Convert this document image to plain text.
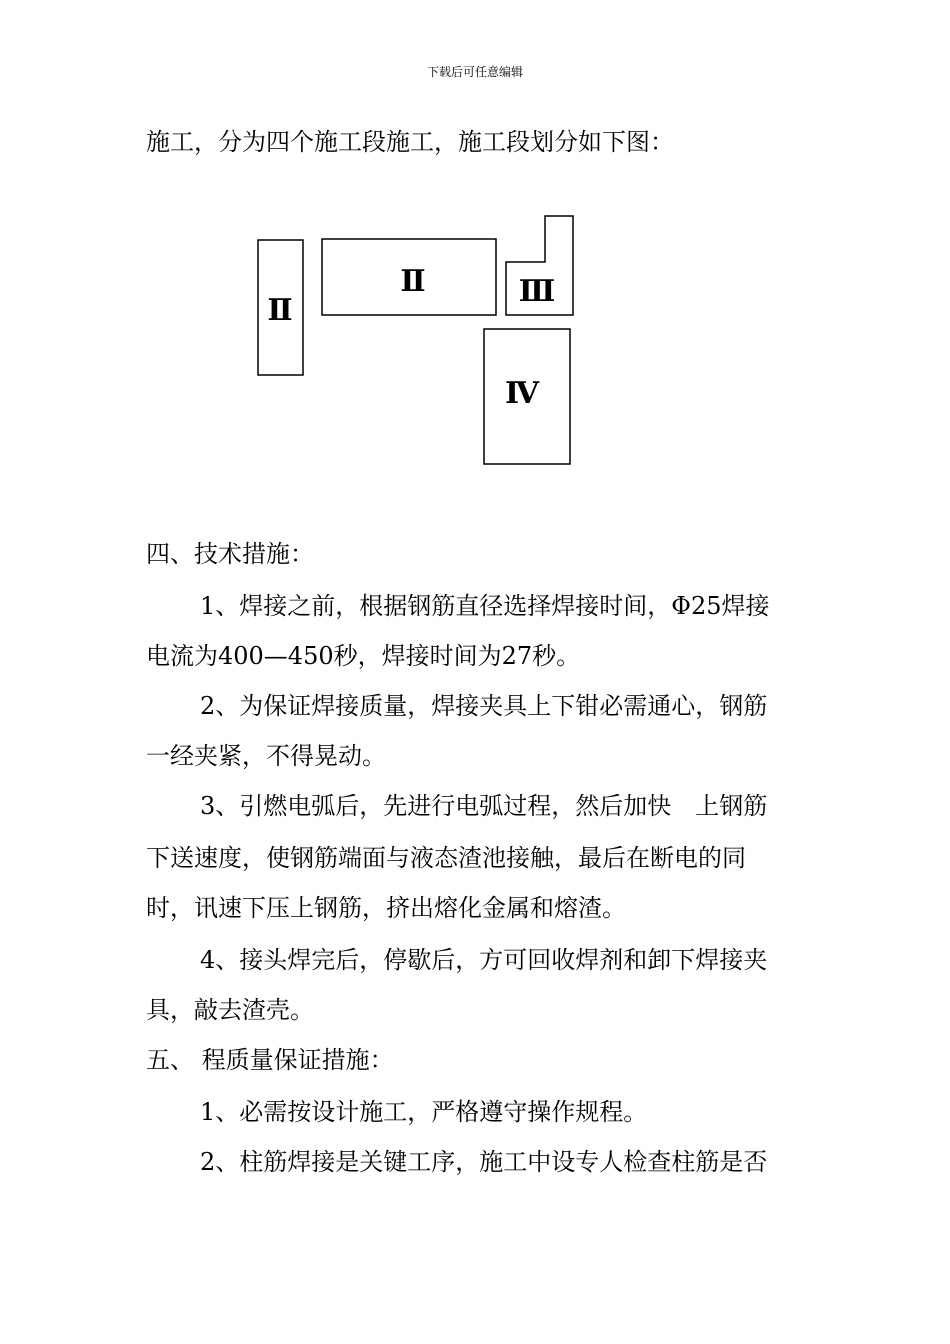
下载后可任意编辑
施工，分为四个施工段施工，施工段划分如下图：
Ⅱ
Ⅱ	Ⅲ
Ⅳ
四、技术措施：
1、焊接之前，根据钢筋直径选择焊接时间，Φ25焊接
电流为400—450秒，焊接时间为27秒。
2、为保证焊接质量，焊接夹具上下钳必需通心，钢筋
一经夹紧，不得晃动。
3、引燃电弧后，先进行电弧过程，然后加快　上钢筋
下送速度，使钢筋端面与液态渣池接触，最后在断电的同
时，讯速下压上钢筋，挤出熔化金属和熔渣。
4、接头焊完后，停歇后，方可回收焊剂和卸下焊接夹
具，敲去渣壳。
五、 程质量保证措施：
1、必需按设计施工，严格遵守操作规程。
2、柱筋焊接是关键工序，施工中设专人检查柱筋是否
